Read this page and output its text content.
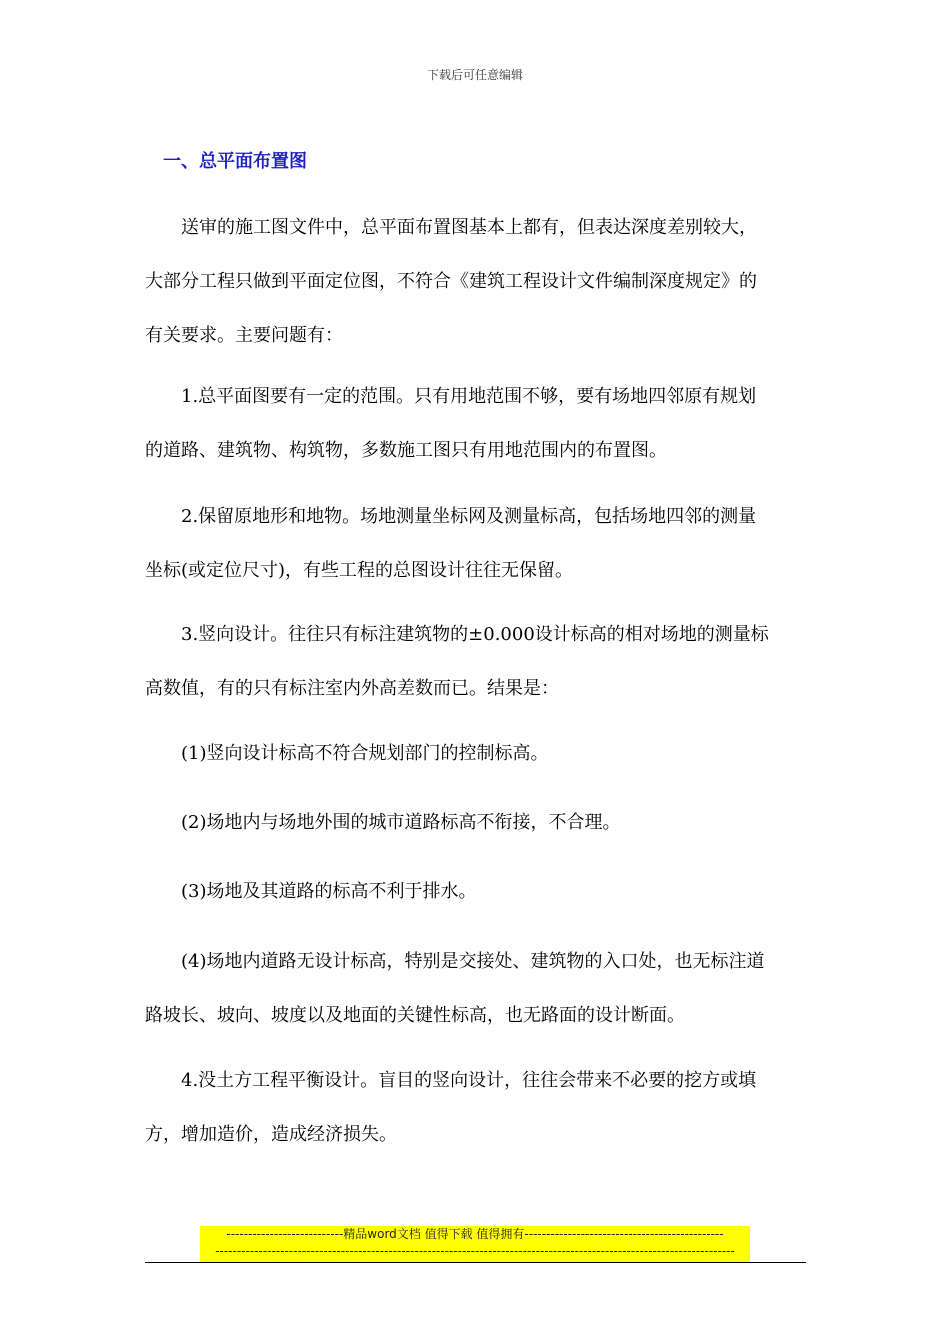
下载后可任意编辑
一、总平面布置图
　　送审的施工图文件中，总平面布置图基本上都有，但表达深度差别较大，
大部分工程只做到平面定位图，不符合《建筑工程设计文件编制深度规定》的
有关要求。主要问题有：
　　1.总平面图要有一定的范围。只有用地范围不够，要有场地四邻原有规划
的道路、建筑物、构筑物，多数施工图只有用地范围内的布置图。
　　2.保留原地形和地物。场地测量坐标网及测量标高，包括场地四邻的测量
坐标(或定位尺寸)，有些工程的总图设计往往无保留。
　　3.竖向设计。往往只有标注建筑物的±0.000设计标高的相对场地的测量标
高数值，有的只有标注室内外高差数而已。结果是：
　　(1)竖向设计标高不符合规划部门的控制标高。
　　(2)场地内与场地外围的城市道路标高不衔接，不合理。
　　(3)场地及其道路的标高不利于排水。
　　(4)场地内道路无设计标高，特别是交接处、建筑物的入口处，也无标注道
路坡长、坡向、坡度以及地面的关键性标高，也无路面的设计断面。
　　4.没土方工程平衡设计。盲目的竖向设计，往往会带来不必要的挖方或填
方，增加造价，造成经济损失。
---------------------------精品word文档 值得下载 值得拥有----------------------------------------------
------------------------------------------------------------------------------------------------------------------------
